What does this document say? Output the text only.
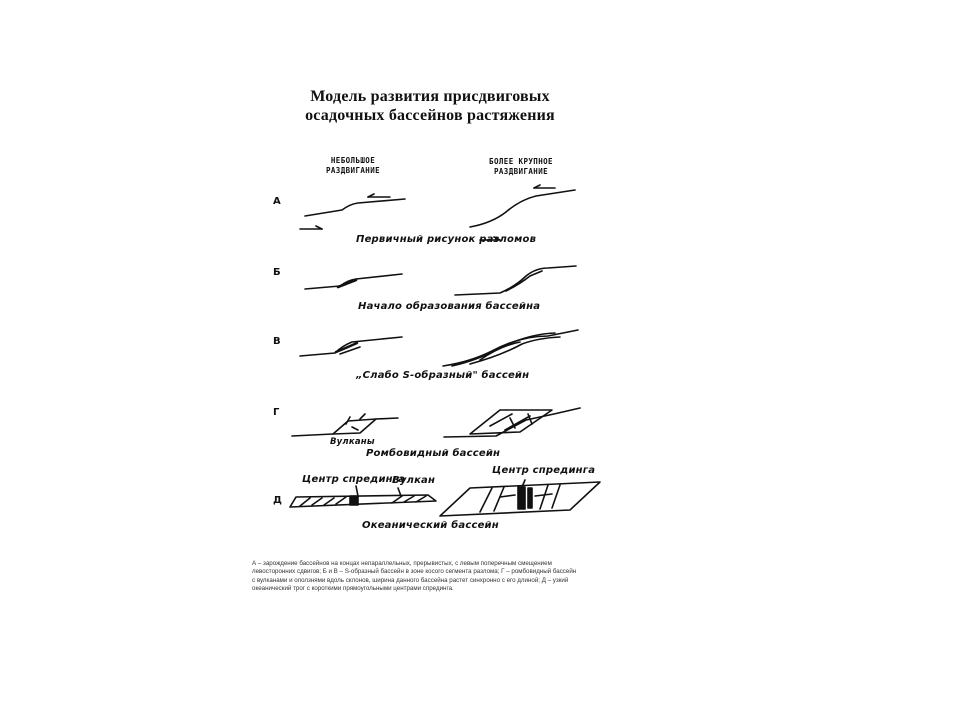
Модель развития присдвиговых
осадочных бассейнов растяжения
НЕБОЛЬШОЕ
РАЗДВИГАНИЕ
БОЛЕЕ КРУПНОЕ
РАЗДВИГАНИЕ
А
Б
В
Г
Д
Первичный рисунок разломов
Начало образования бассейна
„Слабо S-образный" бассейн
Ромбовидный бассейн
Океанический бассейн
Вулканы
Центр спрединга
Вулкан
Центр спрединга
А – зарождение бассейнов на концах непараллельных, прерывистых, с левым поперечным смещением
левосторонних сдвигов; Б и В – S-образный бассейн в зоне косого сегмента разлома; Г – ромбовидный бассейн
с вулканами и оползнями вдоль склонов, ширина данного бассейна растет синхронно с его длиной; Д – узкий
океанический трог с короткими прямоугольными центрами спрединга.
